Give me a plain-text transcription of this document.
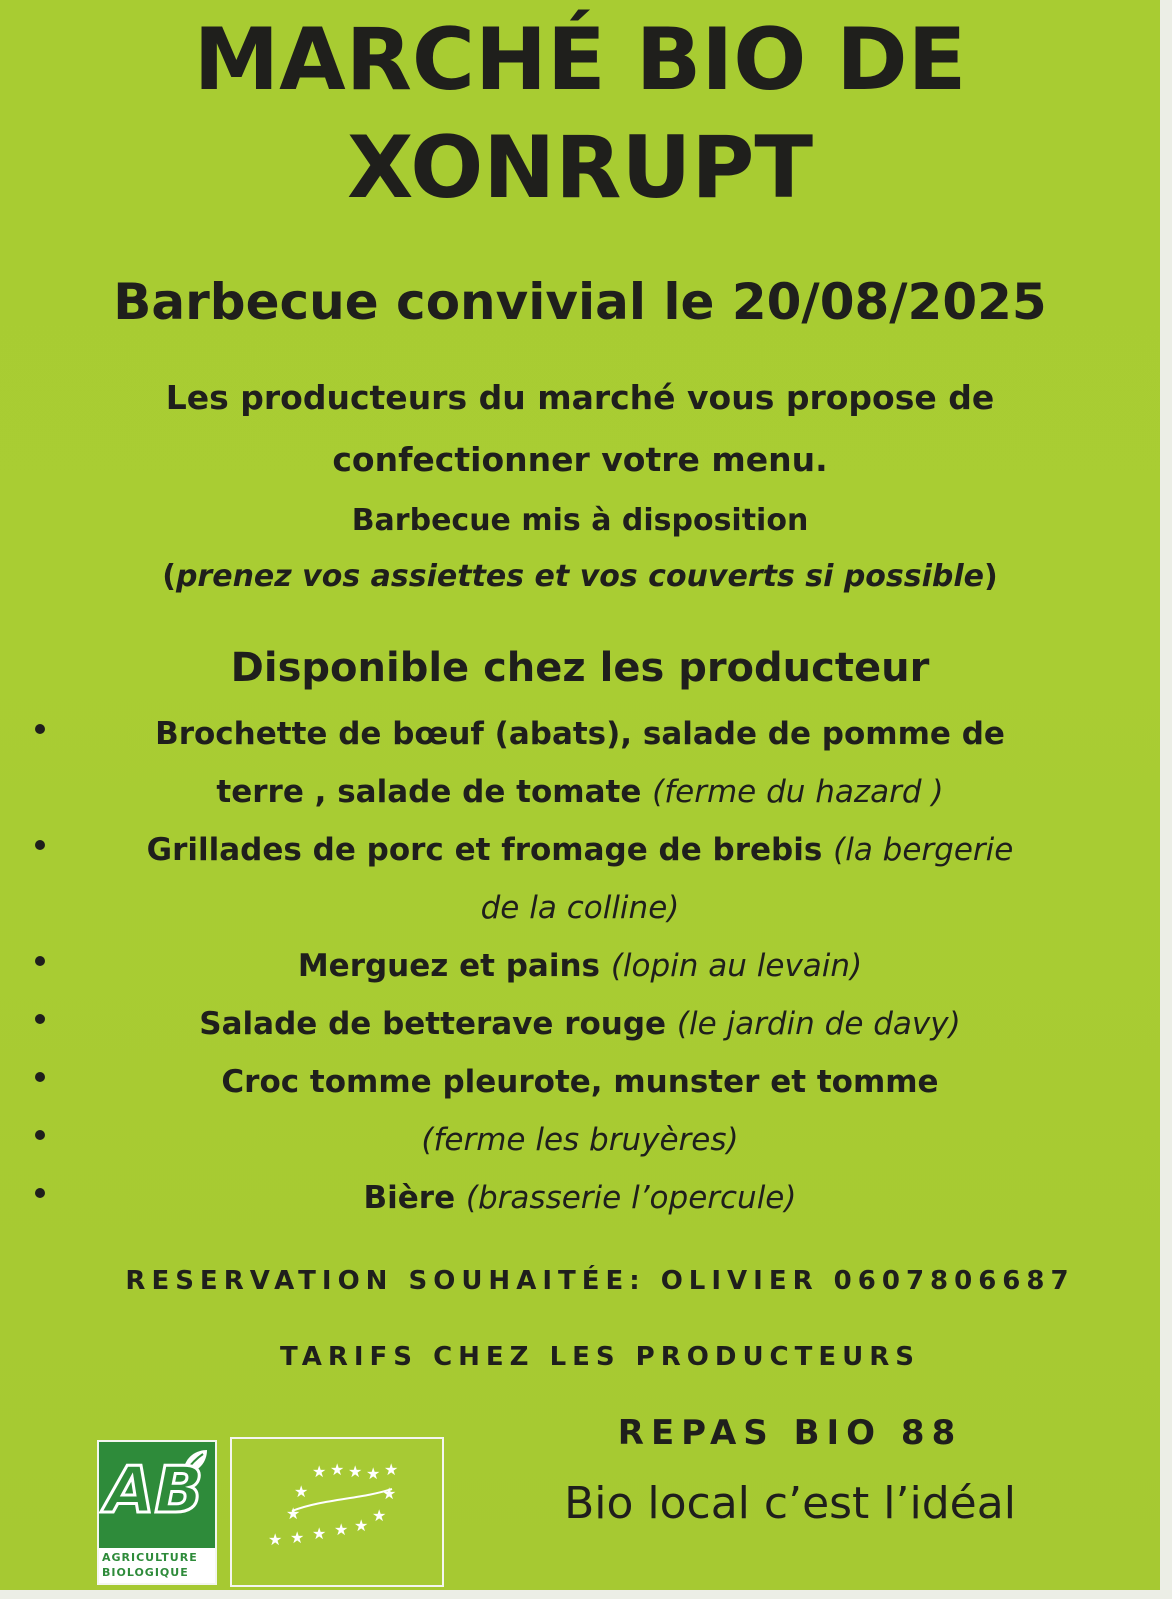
MARCHÉ BIO DE
XONRUPT
Barbecue convivial le 20/08/2025
Les producteurs du marché vous propose de
confectionner votre menu.
Barbecue mis à disposition
(prenez vos assiettes et vos couverts si possible)
Disponible chez les producteur
Brochette de bœuf (abats), salade de pomme de
terre , salade de tomate (ferme du hazard )
Grillades de porc et fromage de brebis (la bergerie
de la colline)
Merguez et pains (lopin au levain)
Salade de betterave rouge (le jardin de davy)
Croc tomme pleurote, munster et tomme
(ferme les bruyères)
Bière (brasserie l’opercule)
RESERVATION SOUHAITÉE: OLIVIER 0607806687
TARIFS CHEZ LES PRODUCTEURS
REPAS BIO 88
Bio local c’est l’idéal
AB
AGRICULTURE
BIOLOGIQUE
★ ★ ★ ★ ★
★	★
★	★
★ ★ ★ ★ ★
